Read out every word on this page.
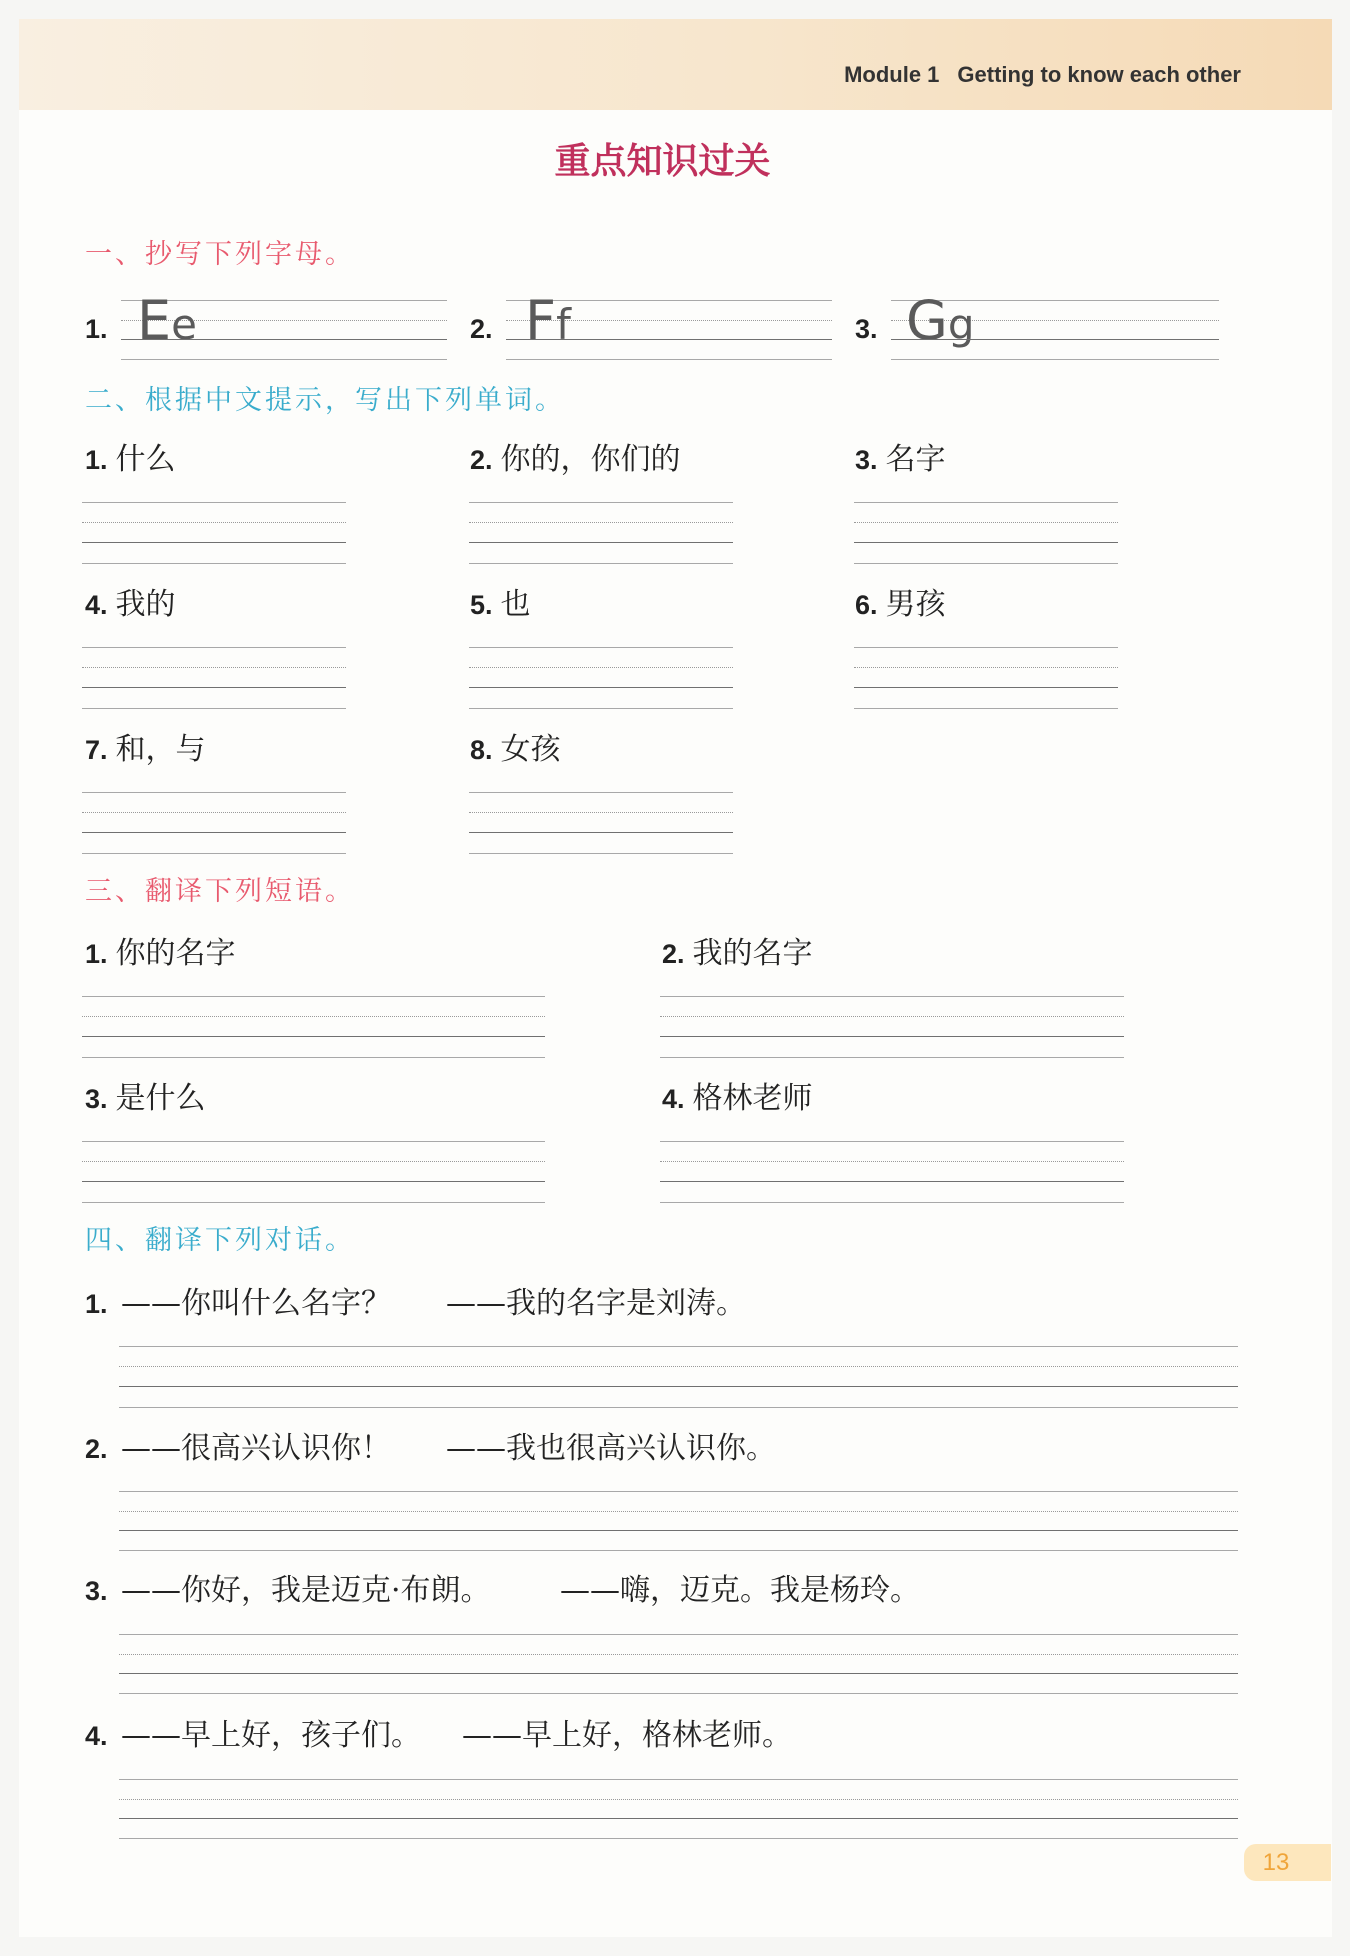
Module 1 Getting to know each other
重点知识过关
一、抄写下列字母。
1. Ee	2. Ff	3. Gg
二、根据中文提示，写出下列单词。
1. 什么	2. 你的，你们的	3. 名字
4. 我的	5. 也	6. 男孩
7. 和，与	8. 女孩
三、翻译下列短语。
1. 你的名字	2. 我的名字
3. 是什么	4. 格林老师
四、翻译下列对话。
1. ——你叫什么名字？ ——我的名字是刘涛。
2. ——很高兴认识你！ ——我也很高兴认识你。
3. ——你好，我是迈克·布朗。 ——嗨，迈克。我是杨玲。
4. ——早上好，孩子们。 ——早上好，格林老师。
13
